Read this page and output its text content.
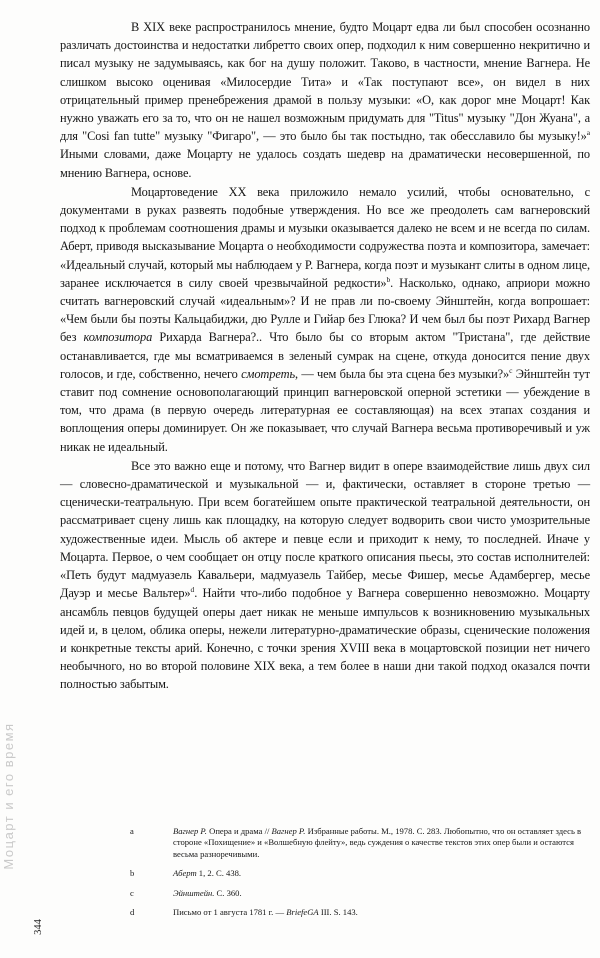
В XIX веке распространилось мнение, будто Моцарт едва ли был способен осознанно различать достоинства и недостатки либретто своих опер, подходил к ним совершенно некритично и писал музыку не задумываясь, как бог на душу положит. Таково, в частности, мнение Вагнера. Не слишком высоко оценивая «Милосердие Тита» и «Так поступают все», он видел в них отрицательный пример пренебрежения драмой в пользу музыки: «О, как дорог мне Моцарт! Как нужно уважать его за то, что он не нашел возможным придумать для "Titus" музыку "Дон Жуана", а для "Cosi fan tutte" музыку "Фигаро", — это было бы так постыдно, так обесславило бы музыку!»$^a$ Иными словами, даже Моцарту не удалось создать шедевр на драматически несовершенной, по мнению Вагнера, основе.

Моцартоведение XX века приложило немало усилий, чтобы основательно, с документами в руках развеять подобные утверждения. Но все же преодолеть сам вагнеровский подход к проблемам соотношения драмы и музыки оказывается далеко не всем и не всегда по силам. Аберт, приводя высказывание Моцарта о необходимости содружества поэта и композитора, замечает: «Идеальный случай, который мы наблюдаем у Р. Вагнера, когда поэт и музыкант слиты в одном лице, заранее исключается в силу своей чрезвычайной редкости»$^b$. Насколько, однако, априори можно считать вагнеровский случай «идеальным»? И не прав ли по-своему Эйнштейн, когда вопрошает: «Чем были бы поэты Кальцабиджи, дю Рулле и Гийар без Глюка? И чем был бы поэт Рихард Вагнер без композитора Рихарда Вагнера?.. Что было бы со вторым актом "Тристана", где действие останавливается, где мы всматриваемся в зеленый сумрак на сцене, откуда доносится пение двух голосов, и где, собственно, нечего смотреть, — чем была бы эта сцена без музыки?»$^c$ Эйнштейн тут ставит под сомнение основополагающий принцип вагнеровской оперной эстетики — убеждение в том, что драма (в первую очередь литературная ее составляющая) на всех этапах создания и воплощения оперы доминирует. Он же показывает, что случай Вагнера весьма противоречивый и уж никак не идеальный.

Все это важно еще и потому, что Вагнер видит в опере взаимодействие лишь двух сил — словесно-драматической и музыкальной — и, фактически, оставляет в стороне третью — сценически-театральную. При всем богатейшем опыте практической театральной деятельности, он рассматривает сцену лишь как площадку, на которую следует водворить свои чисто умозрительные художественные идеи. Мысль об актере и певце если и приходит к нему, то последней. Иначе у Моцарта. Первое, о чем сообщает он отцу после краткого описания пьесы, это состав исполнителей: «Петь будут мадмуазель Кавальери, мадмуазель Тайбер, месье Фишер, месье Адамбергер, месье Дауэр и месье Вальтер»$^d$. Найти что-либо подобное у Вагнера совершенно невозможно. Моцарту ансамбль певцов будущей оперы дает никак не меньше импульсов к возникновению музыкальных идей и, в целом, облика оперы, нежели литературно-драматические образы, сценические положения и конкретные тексты арий. Конечно, с точки зрения XVIII века в моцартовской позиции нет ничего необычного, но во второй половине XIX века, а тем более в наши дни такой подход оказался почти полностью забытым.

a	Вагнер Р. Опера и драма // Вагнер Р. Избранные работы. М., 1978. С. 283. Любопытно, что он оставляет здесь в стороне «Похищение» и «Волшебную флейту», ведь суждения о качестве текстов этих опер были и остаются весьма разноречивыми.
b	Аберт 1, 2. С. 438.
c	Эйнштейн. С. 360.
d	Письмо от 1 августа 1781 г. — BriefeGA III. S. 143.
Моцарт и его время
344
